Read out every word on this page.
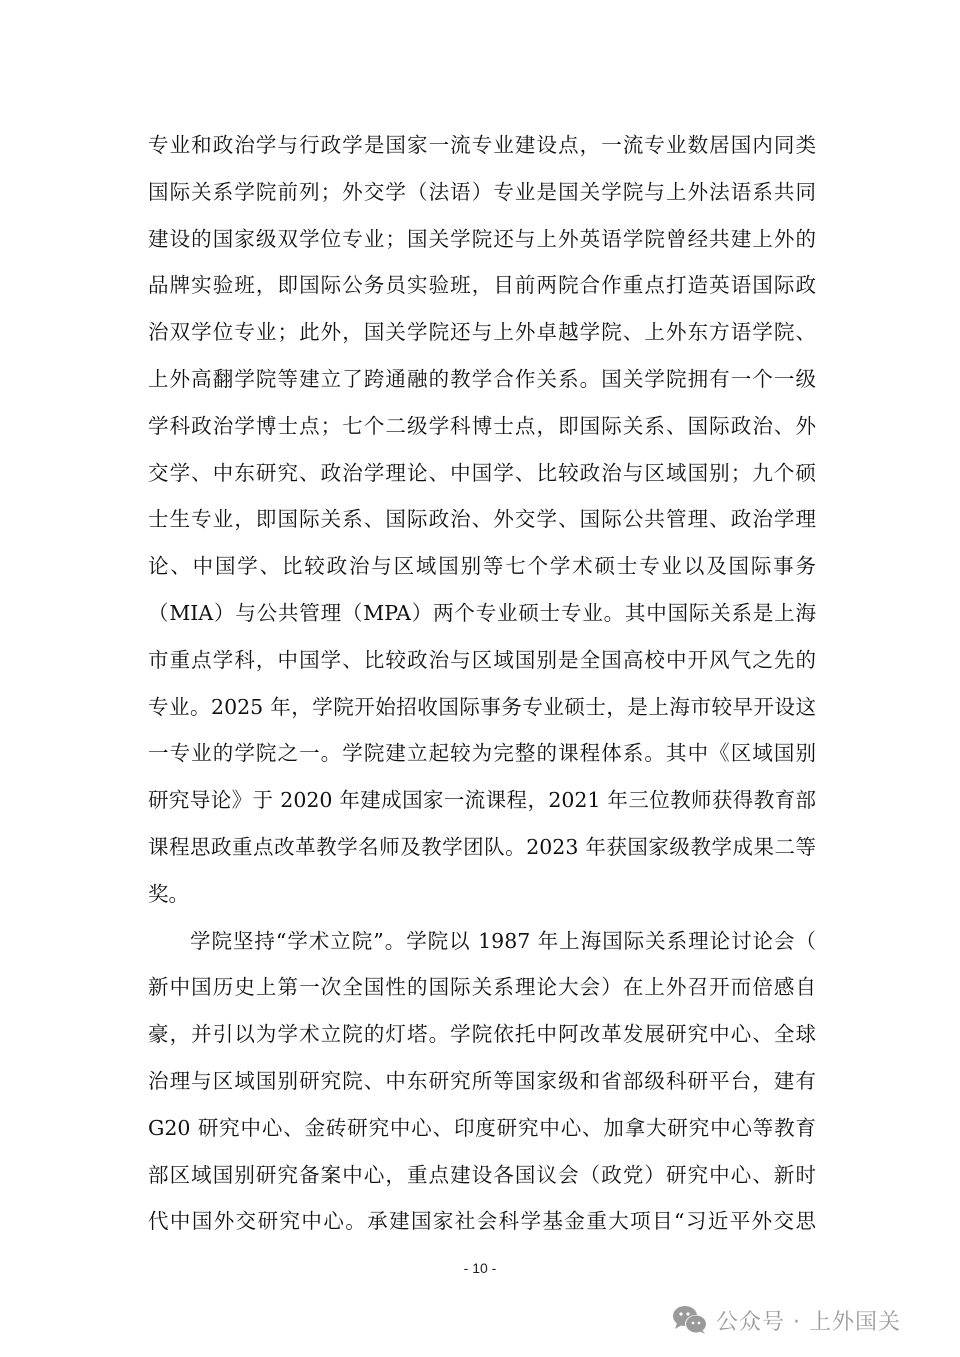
专业和政治学与行政学是国家一流专业建设点，一流专业数居国内同类
国际关系学院前列；外交学（法语）专业是国关学院与上外法语系共同
建设的国家级双学位专业；国关学院还与上外英语学院曾经共建上外的
品牌实验班，即国际公务员实验班，目前两院合作重点打造英语国际政
治双学位专业；此外，国关学院还与上外卓越学院、上外东方语学院、
上外高翻学院等建立了跨通融的教学合作关系。国关学院拥有一个一级
学科政治学博士点；七个二级学科博士点，即国际关系、国际政治、外
交学、中东研究、政治学理论、中国学、比较政治与区域国别；九个硕
士生专业，即国际关系、国际政治、外交学、国际公共管理、政治学理
论、中国学、比较政治与区域国别等七个学术硕士专业以及国际事务
（MIA）与公共管理（MPA）两个专业硕士专业。其中国际关系是上海
市重点学科，中国学、比较政治与区域国别是全国高校中开风气之先的
专业。2025 年，学院开始招收国际事务专业硕士，是上海市较早开设这
一专业的学院之一。学院建立起较为完整的课程体系。其中《区域国别
研究导论》于 2020 年建成国家一流课程，2021 年三位教师获得教育部
课程思政重点改革教学名师及教学团队。2023 年获国家级教学成果二等
奖。
学院坚持“学术立院”。学院以 1987 年上海国际关系理论讨论会（
新中国历史上第一次全国性的国际关系理论大会）在上外召开而倍感自
豪，并引以为学术立院的灯塔。学院依托中阿改革发展研究中心、全球
治理与区域国别研究院、中东研究所等国家级和省部级科研平台，建有
G20 研究中心、金砖研究中心、印度研究中心、加拿大研究中心等教育
部区域国别研究备案中心，重点建设各国议会（政党）研究中心、新时
代中国外交研究中心。承建国家社会科学基金重大项目“习近平外交思
- 10 -
公众号 · 上外国关
